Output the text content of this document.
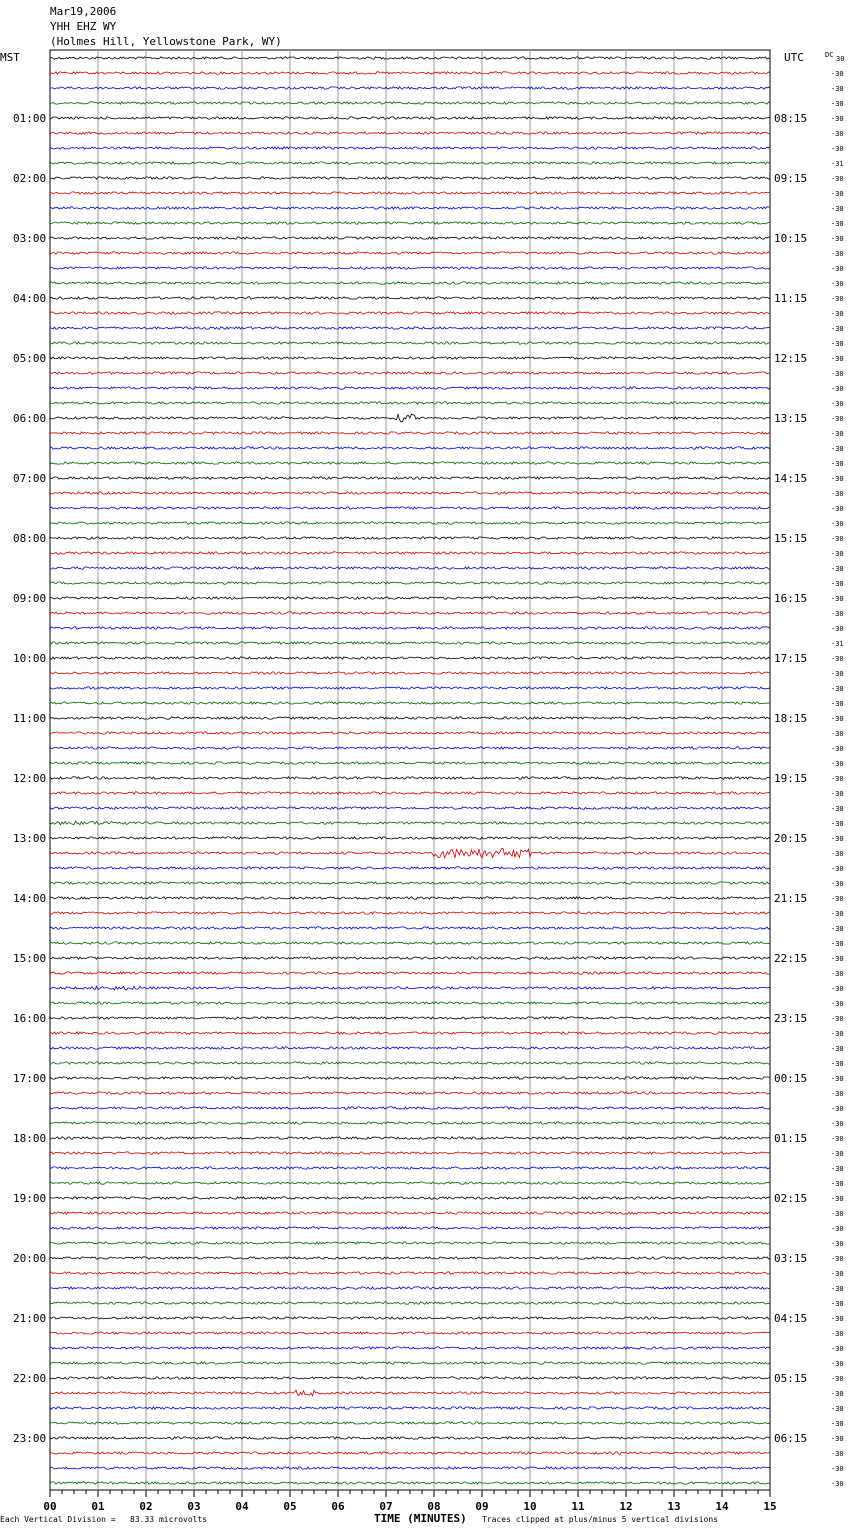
Mar19,2006
YHH EHZ WY
(Holmes Hill, Yellowstone Park, WY)
01:00
02:00
03:00
04:00
05:00
06:00
07:00
08:00
09:00
10:00
11:00
12:00
13:00
14:00
15:00
16:00
17:00
18:00
19:00
20:00
21:00
22:00
23:00
08:15
09:15
10:15
11:15
12:15
13:15
14:15
15:15
16:15
17:15
18:15
19:15
20:15
21:15
22:15
23:15
00:15
01:15
02:15
03:15
04:15
05:15
06:15
30
-30
-30
-30
-30
-30
-30
-31
-30
-30
-30
-30
-30
-30
-30
-30
-30
-30
-30
-30
-30
-30
-30
-30
-30
-30
-30
-30
-30
-30
-30
-30
-30
-30
-30
-30
-30
-30
-30
-31
-30
-30
-30
-30
-30
-30
-30
-30
-30
-30
-30
-30
-30
-30
-30
-30
-30
-30
-30
-30
-30
-30
-30
-30
-30
-30
-30
-30
-30
-30
-30
-30
-30
-30
-30
-30
-30
-30
-30
-30
-30
-30
-30
-30
-30
-30
-30
-30
-30
-30
-30
-30
-30
-30
-30
-30
00	01	02	03	04	05	06	07	08	09	10	11	12	13	14	15
MST	UTC	DC
Each Vertical Division =   83.33 microvolts	TIME (MINUTES) Traces clipped at plus/minus 5 vertical divisions
